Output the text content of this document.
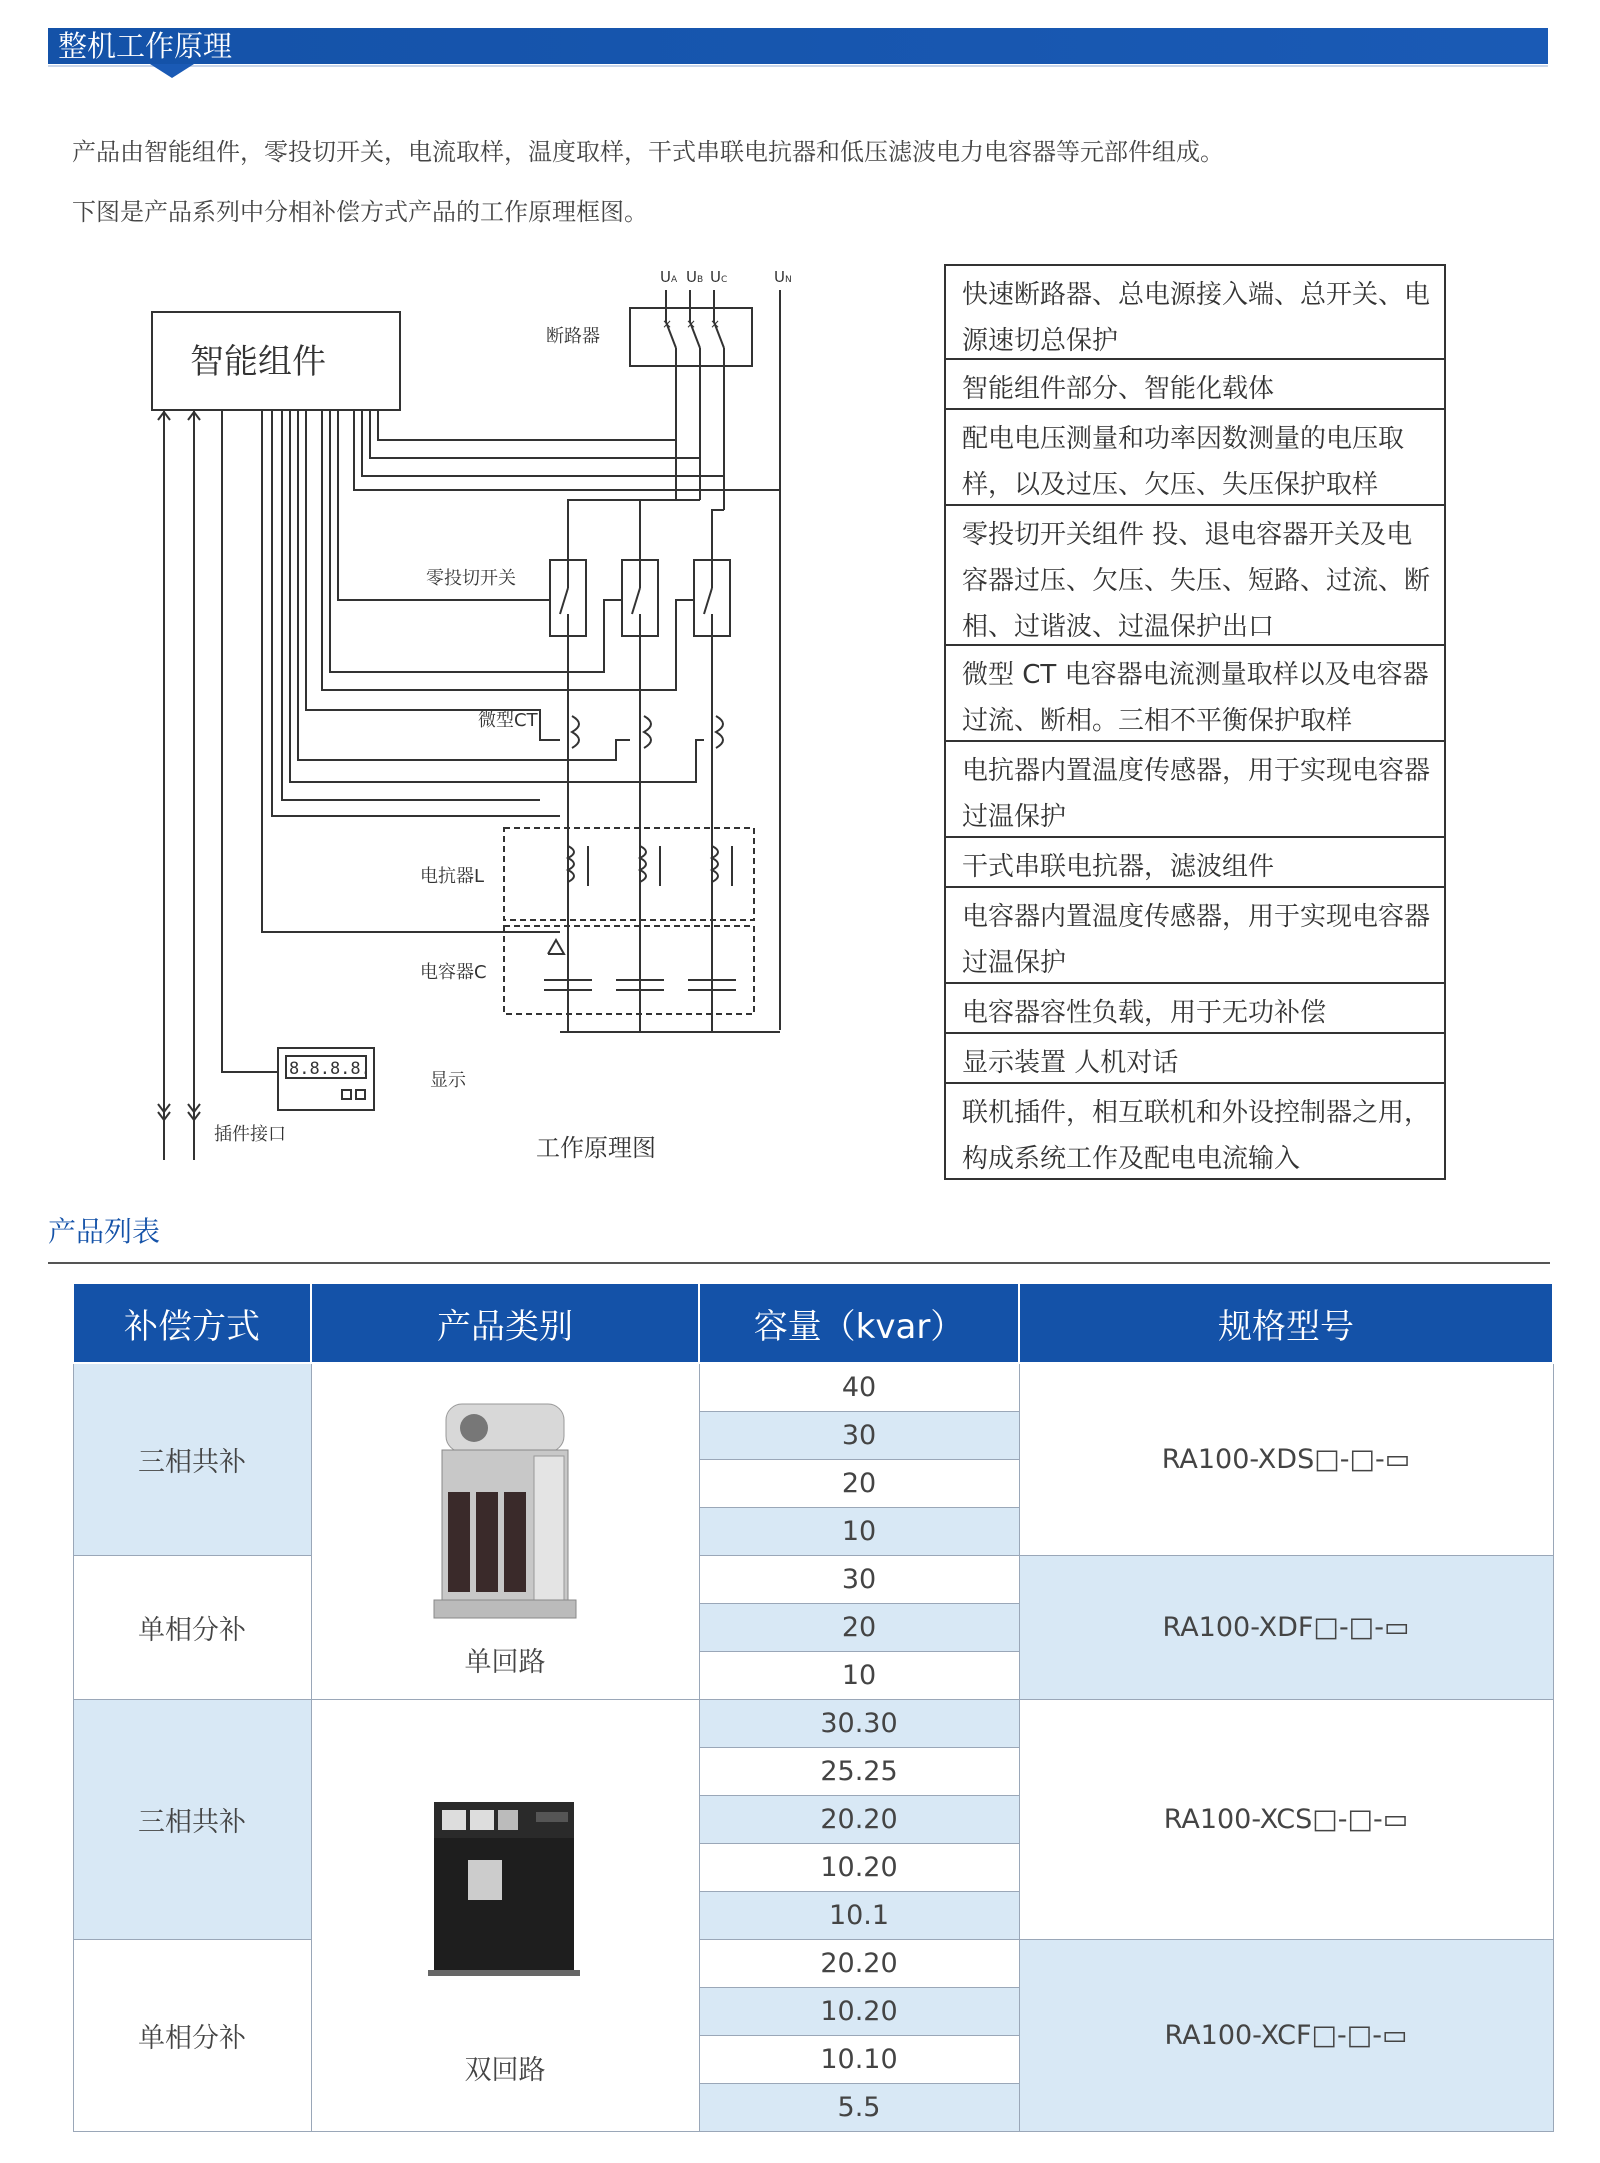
整机工作原理
产品由智能组件，零投切开关，电流取样，温度取样，干式串联电抗器和低压滤波电力电容器等元部件组成。
下图是产品系列中分相补偿方式产品的工作原理框图。
智能组件
UA UB UC	UN
断路器
× × ×
零投切开关
微型CT
电抗器L
电容器C
8.8.8.8.
显示
插件接口	工作原理图
快速断路器、总电源接入端、总开关、电源速切总保护
智能组件部分、智能化载体
配电电压测量和功率因数测量的电压取样，以及过压、欠压、失压保护取样
零投切开关组件 投、退电容器开关及电容器过压、欠压、失压、短路、过流、断相、过谐波、过温保护出口
微型 CT 电容器电流测量取样以及电容器过流、断相。三相不平衡保护取样
电抗器内置温度传感器，用于实现电容器过温保护
干式串联电抗器，滤波组件
电容器内置温度传感器，用于实现电容器过温保护
电容器容性负载，用于无功补偿
显示装置 人机对话
联机插件，相互联机和外设控制器之用，构成系统工作及配电电流输入
产品列表
补偿方式	产品类别	容量（kvar）	规格型号
三相共补	单回路	40	RA100-XDS□-□-▭
		30	
		20	
		10	
单相分补		30	RA100-XDF□-□-▭
		20	
		10	
三相共补	双回路	30.30	RA100-XCS□-□-▭
		25.25	
		20.20	
		10.20	
		10.1	
单相分补		20.20	RA100-XCF□-□-▭
		10.20	
		10.10	
		5.5	
